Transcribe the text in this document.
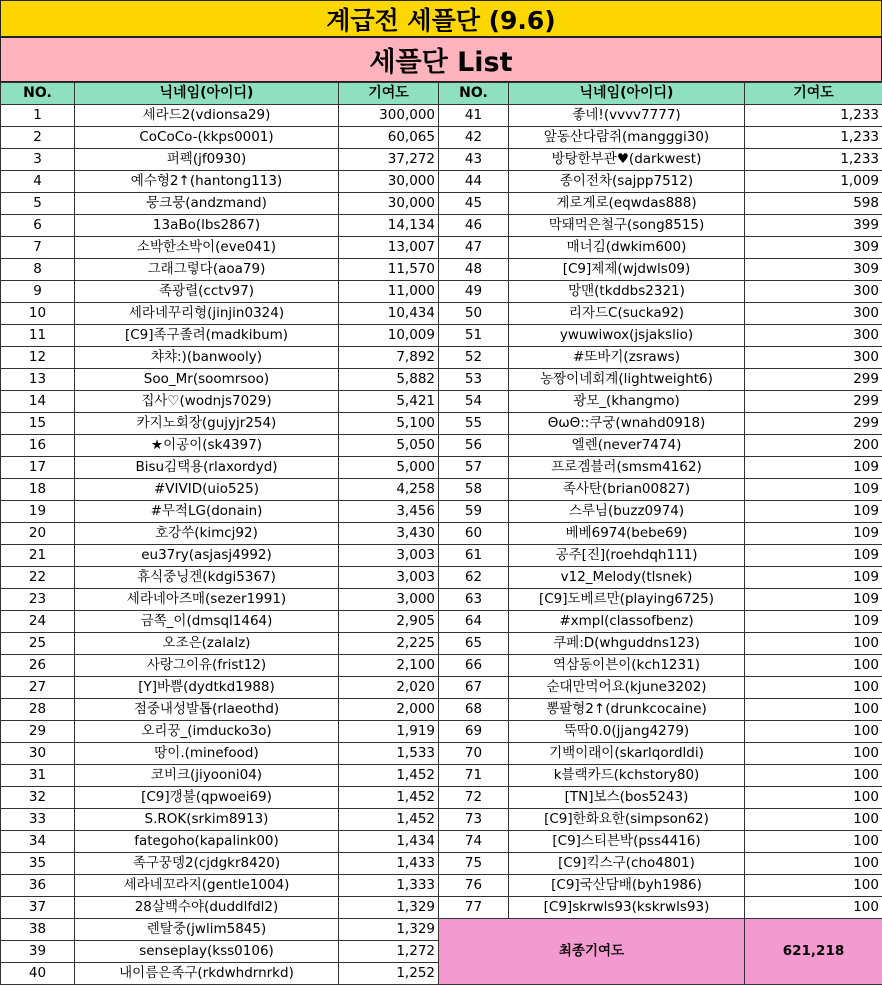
계급전 세플단 (9.6)
세플단 List
NO.	닉네임(아이디)	기여도	NO.	닉네임(아이디)	기여도
1	세라드2(vdionsa29)	300,000	41	좋네!(vvvv7777)	1,233
2	CoCoCo-(kkps0001)	60,065	42	앞동산다람쥐(mangggi30)	1,233
3	퍼펙(jf0930)	37,272	43	방탕한부관♥(darkwest)	1,233
4	예수형2↑(hantong113)	30,000	44	종이전차(sajpp7512)	1,009
5	뭉크뭉(andzmand)	30,000	45	게로게로(eqwdas888)	598
6	13aBo(lbs2867)	14,134	46	막돼먹은철구(song8515)	399
7	소박한소박이(eve041)	13,007	47	매너김(dwkim600)	309
8	그래그렇다(aoa79)	11,570	48	[C9]제제(wjdwls09)	309
9	족광렬(cctv97)	11,000	49	망맨(tkddbs2321)	300
10	세라네꾸리형(jinjin0324)	10,434	50	리자드C(sucka92)	300
11	[C9]족구졸려(madkibum)	10,009	51	ywuwiwox(jsjakslio)	300
12	챠챠:)(banwooly)	7,892	52	#또바기(zsraws)	300
13	Soo_Mr(soomrsoo)	5,882	53	농짱이네회계(lightweight6)	299
14	집사♡(wodnjs7029)	5,421	54	광모_(khangmo)	299
15	카지노회장(gujyjr254)	5,100	55	ΘωΘ::쿠궁(wnahd0918)	299
16	★이공이(sk4397)	5,050	56	엘렌(never7474)	200
17	Bisu김택용(rlaxordyd)	5,000	57	프로겜블러(smsm4162)	109
18	#VIVID(uio525)	4,258	58	족사탄(brian00827)	109
19	#무적LG(donain)	3,456	59	스루님(buzz0974)	109
20	호강쑤(kimcj92)	3,430	60	베베6974(bebe69)	109
21	eu37ry(asjasj4992)	3,003	61	공주[진](roehdqh111)	109
22	휴식중닝겐(kdgi5367)	3,003	62	v12_Melody(tlsnek)	109
23	세라네아즈매(sezer1991)	3,000	63	[C9]도베르만(playing6725)	109
24	금쪽_이(dmsql1464)	2,905	64	#xmpl(classofbenz)	109
25	오조은(zalalz)	2,225	65	쿠페:D(whguddns123)	100
26	사랑그이유(frist12)	2,100	66	역삼동이븐이(kch1231)	100
27	[Y]바쁨(dydtkd1988)	2,020	67	순대만먹어요(kjune3202)	100
28	점중내성발톱(rlaeothd)	2,000	68	뽕팔형2↑(drunkcocaine)	100
29	오리꿍_(imducko3o)	1,919	69	뚝딱0.0(jjang4279)	100
30	땅이.(minefood)	1,533	70	기백이래이(skarlqordldi)	100
31	코비크(jiyooni04)	1,452	71	k블랙카드(kchstory80)	100
32	[C9]갱불(qpwoei69)	1,452	72	[TN]보스(bos5243)	100
33	S.ROK(srkim8913)	1,452	73	[C9]한화요한(simpson62)	100
34	fategoho(kapalink00)	1,434	74	[C9]스티븐박(pss4416)	100
35	족구꿍뎅2(cjdgkr8420)	1,433	75	[C9]킥스구(cho4801)	100
36	세라네꼬라지(gentle1004)	1,333	76	[C9]국산담배(byh1986)	100
37	28살백수야(duddlfdl2)	1,329	77	[C9]skrwls93(kskrwls93)	100
38	렌탈중(jwlim5845)	1,329	최종기여도		621,218
39	senseplay(kss0106)	1,272			
40	내이름은족구(rkdwhdrnrkd)	1,252			
